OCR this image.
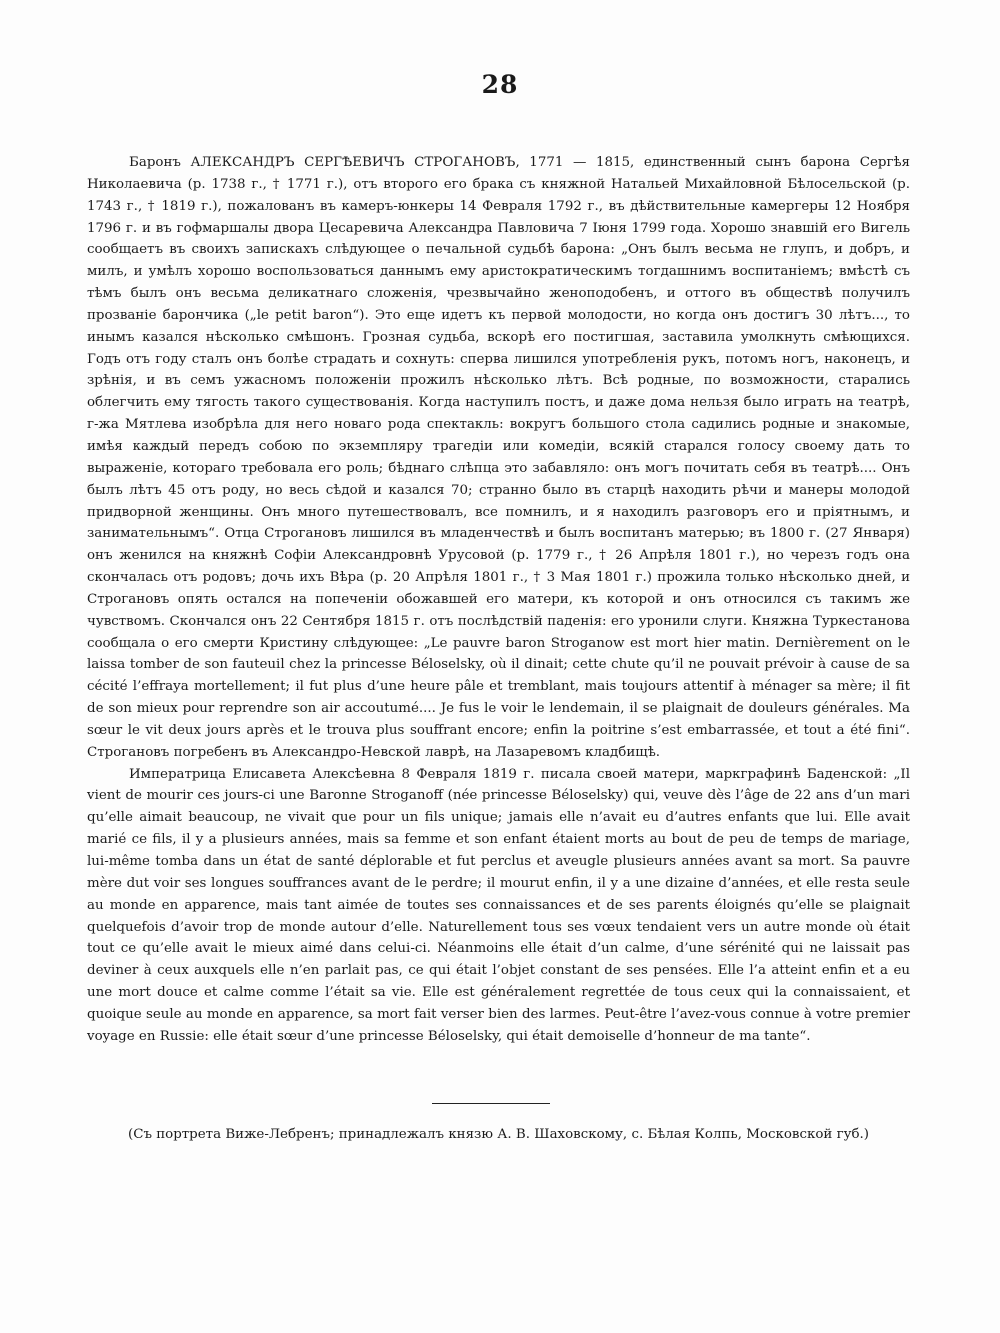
28

Баронъ АЛЕКСАНДРЪ СЕРГѢЕВИЧЪ СТРОГАНОВЪ, 1771 — 1815, единственный сынъ барона Сергѣя Николаевича (р. 1738 г., † 1771 г.), отъ второго его брака съ княжной Натальей Михайловной Бѣлосельской (р. 1743 г., † 1819 г.), пожалованъ въ камеръ-юнкеры 14 Февраля 1792 г., въ дѣйствительные камергеры 12 Ноября 1796 г. и въ гофмаршалы двора Цесаревича Александра Павловича 7 Іюня 1799 года. Хорошо знавшій его Вигель сообщаетъ въ своихъ запискахъ слѣдующее о печальной судьбѣ барона: „Онъ былъ весьма не глупъ, и добръ, и милъ, и умѣлъ хорошо воспользоваться даннымъ ему аристократическимъ тогдашнимъ воспитаніемъ; вмѣстѣ съ тѣмъ былъ онъ весьма деликатнаго сложенія, чрезвычайно женоподобенъ, и оттого въ обществѣ получилъ прозваніе барончика („le petit baron“). Это еще идетъ къ первой молодости, но когда онъ достигъ 30 лѣтъ..., то инымъ казался нѣсколько смѣшонъ. Грозная судьба, вскорѣ его постигшая, заставила умолкнуть смѣющихся. Годъ отъ году сталъ онъ болѣе страдать и сохнуть: сперва лишился употребленія рукъ, потомъ ногъ, наконецъ, и зрѣнія, и въ семъ ужасномъ положеніи прожилъ нѣсколько лѣтъ. Всѣ родные, по возможности, старались облегчить ему тягость такого существованія. Когда наступилъ постъ, и даже дома нельзя было играть на театрѣ, г-жа Мятлева изобрѣла для него новаго рода спектакль: вокругъ большого стола садились родные и знакомые, имѣя каждый передъ собою по экземпляру трагедіи или комедіи, всякій старался голосу своему дать то выраженіе, котораго требовала его роль; бѣднаго слѣпца это забавляло: онъ могъ почитать себя въ театрѣ.... Онъ былъ лѣтъ 45 отъ роду, но весь сѣдой и казался 70; странно было въ старцѣ находить рѣчи и манеры молодой придворной женщины. Онъ много путешествовалъ, все помнилъ, и я находилъ разговоръ его и пріятнымъ, и занимательнымъ“. Отца Строгановъ лишился въ младенчествѣ и былъ воспитанъ матерью; въ 1800 г. (27 Января) онъ женился на княжнѣ Софіи Александровнѣ Урусовой (р. 1779 г., † 26 Апрѣля 1801 г.), но черезъ годъ она скончалась отъ родовъ; дочь ихъ Вѣра (р. 20 Апрѣля 1801 г., † 3 Мая 1801 г.) прожила только нѣсколько дней, и Строгановъ опять остался на попеченіи обожавшей его матери, къ которой и онъ относился съ такимъ же чувствомъ. Скончался онъ 22 Сентября 1815 г. отъ послѣдствій паденія: его уронили слуги. Княжна Туркестанова сообщала о его смерти Кристину слѣдующее: „Le pauvre baron Stroganow est mort hier matin. Dernièrement on le laissa tomber de son fauteuil chez la princesse Béloselsky, où il dinait; cette chute qu’il ne pouvait prévoir à cause de sa cécité l’effraya mortellement; il fut plus d’une heure pâle et tremblant, mais toujours attentif à ménager sa mère; il fit de son mieux pour reprendre son air accoutumé.... Je fus le voir le lendemain, il se plaignait de douleurs générales. Ma sœur le vit deux jours après et le trouva plus souffrant encore; enfin la poitrine s’est embarrassée, et tout a été fini“. Строгановъ погребенъ въ Александро-Невской лаврѣ, на Лазаревомъ кладбищѣ.

Императрица Елисавета Алексѣевна 8 Февраля 1819 г. писала своей матери, маркграфинѣ Баденской: „Il vient de mourir ces jours-ci une Baronne Stroganoff (née princesse Béloselsky) qui, veuve dès l’âge de 22 ans d’un mari qu’elle aimait beaucoup, ne vivait que pour un fils unique; jamais elle n’avait eu d’autres enfants que lui. Elle avait marié ce fils, il y a plusieurs années, mais sa femme et son enfant étaient morts au bout de peu de temps de mariage, lui-même tomba dans un état de santé déplorable et fut perclus et aveugle plusieurs années avant sa mort. Sa pauvre mère dut voir ses longues souffrances avant de le perdre; il mourut enfin, il y a une dizaine d’années, et elle resta seule au monde en apparence, mais tant aimée de toutes ses connaissances et de ses parents éloignés qu’elle se plaignait quelquefois d’avoir trop de monde autour d’elle. Naturellement tous ses vœux tendaient vers un autre monde où était tout ce qu’elle avait le mieux aimé dans celui-ci. Néanmoins elle était d’un calme, d’une sérénité qui ne laissait pas deviner à ceux auxquels elle n’en parlait pas, ce qui était l’objet constant de ses pensées. Elle l’a atteint enfin et a eu une mort douce et calme comme l’était sa vie. Elle est généralement regrettée de tous ceux qui la connaissaient, et quoique seule au monde en apparence, sa mort fait verser bien des larmes. Peut-être l’avez-vous connue à votre premier voyage en Russie: elle était sœur d’une princesse Béloselsky, qui était demoiselle d’honneur de ma tante“.

(Съ портрета Виже-Лебренъ; принадлежалъ князю А. В. Шаховскому, с. Бѣлая Колпь, Московской губ.)
